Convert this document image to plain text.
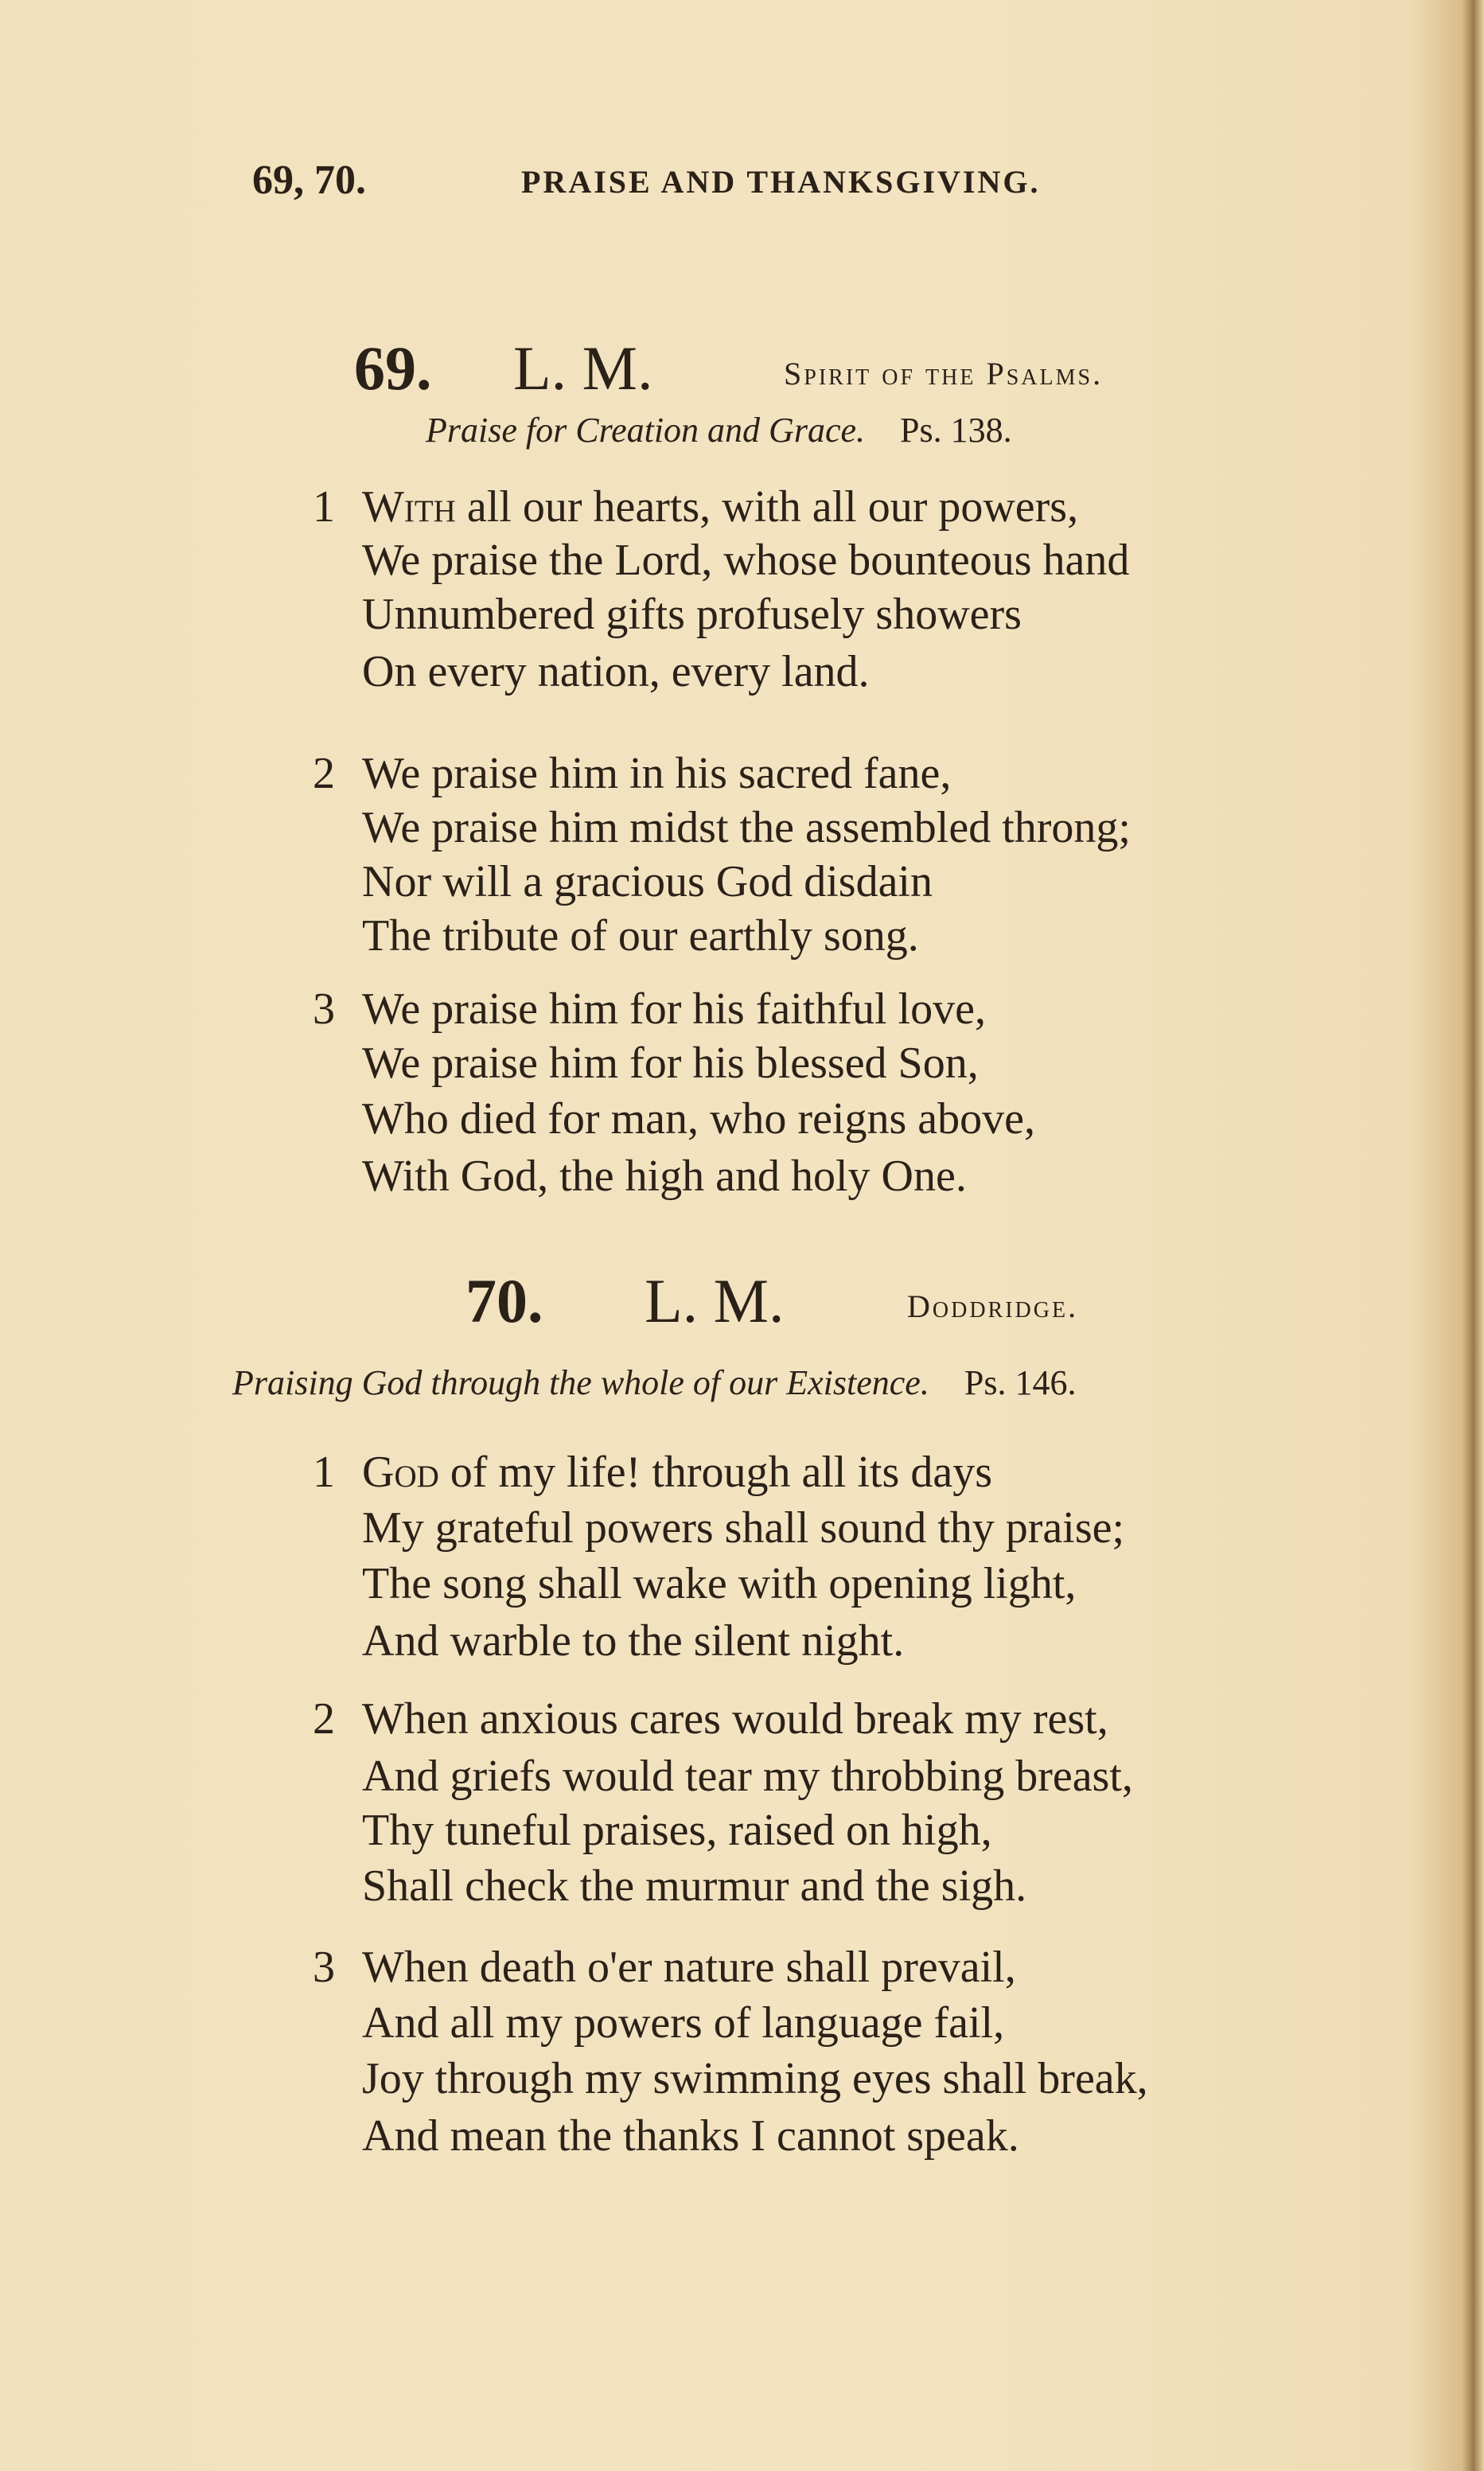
69, 70.	PRAISE AND THANKSGIVING.
69. L. M.	Spirit of the Psalms.
Praise for Creation and Grace.  Ps. 138.
1 With all our hearts, with all our powers,
We praise the Lord, whose bounteous hand
Unnumbered gifts profusely showers
On every nation, every land.
2 We praise him in his sacred fane,
We praise him midst the assembled throng;
Nor will a gracious God disdain
The tribute of our earthly song.
3 We praise him for his faithful love,
We praise him for his blessed Son,
Who died for man, who reigns above,
With God, the high and holy One.
70. L. M.	Doddridge.
Praising God through the whole of our Existence.  Ps. 146.
1 God of my life! through all its days
My grateful powers shall sound thy praise;
The song shall wake with opening light,
And warble to the silent night.
2 When anxious cares would break my rest,
And griefs would tear my throbbing breast,
Thy tuneful praises, raised on high,
Shall check the murmur and the sigh.
3 When death o'er nature shall prevail,
And all my powers of language fail,
Joy through my swimming eyes shall break,
And mean the thanks I cannot speak.
